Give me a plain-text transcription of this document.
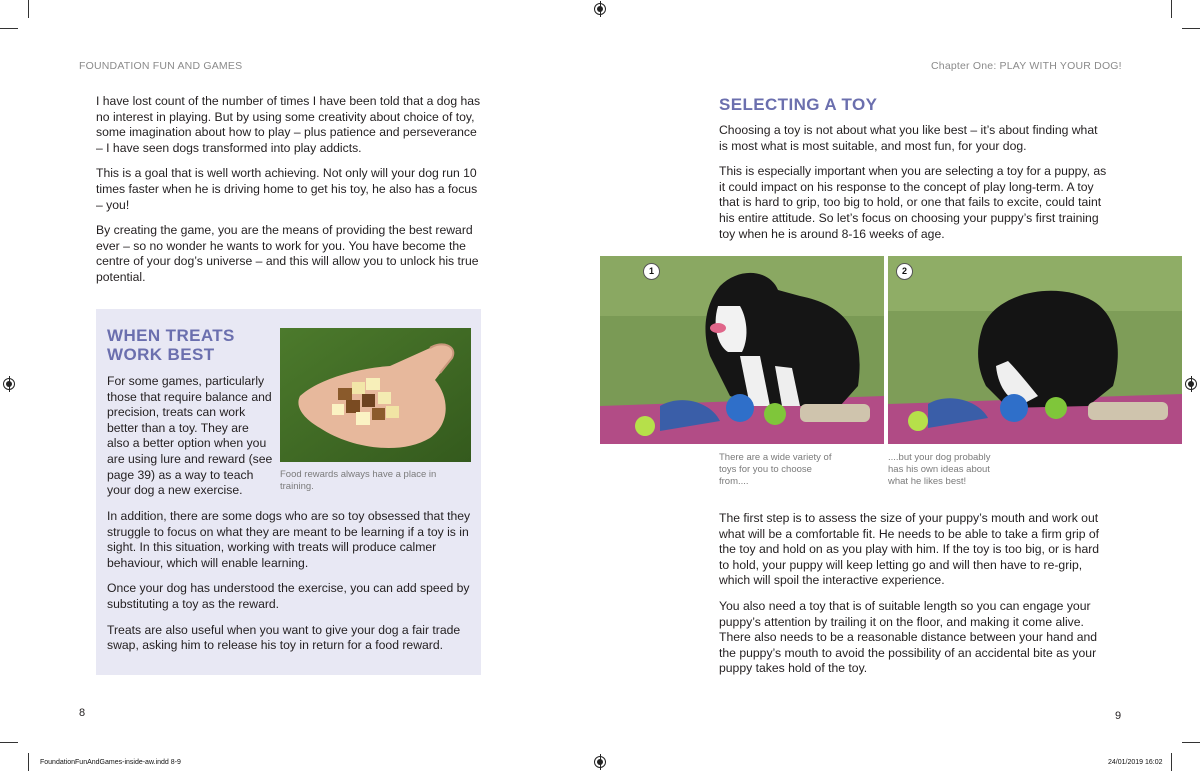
FOUNDATION FUN AND GAMES

I have lost count of the number of times I have been told that a dog has no interest in playing. But by using some creativity about choice of toy, some imagination about how to play – plus patience and perseverance – I have seen dogs transformed into play addicts.

This is a goal that is well worth achieving. Not only will your dog run 10 times faster when he is driving home to get his toy, he also has a focus – you!

By creating the game, you are the means of providing the best reward ever – so no wonder he wants to work for you. You have become the centre of your dog’s universe – and this will allow you to unlock his true potential.

WHEN TREATS
WORK BEST

For some games, particularly those that require balance and precision, treats can work better than a toy. They are also a better option when you are using lure and reward (see page 39) as a way to teach your dog a new exercise.

Food rewards always have a place in training.

In addition, there are some dogs who are so toy obsessed that they struggle to focus on what they are meant to be learning if a toy is in sight. In this situation, working with treats will produce calmer behaviour, which will enable learning.

Once your dog has understood the exercise, you can add speed by substituting a toy as the reward.

Treats are also useful when you want to give your dog a fair trade swap, asking him to release his toy in return for a food reward.

8
Chapter One: PLAY WITH YOUR DOG!
SELECTING A TOY

Choosing a toy is not about what you like best – it’s about finding what is most what is most suitable, and most fun, for your dog.

This is especially important when you are selecting a toy for a puppy, as it could impact on his response to the concept of play long-term. A toy that is hard to grip, too big to hold, or one that fails to excite, could taint his entire attitude. So let’s focus on choosing your puppy’s first training toy when he is around 8-16 weeks of age.

1	2
There are a wide variety of toys for you to choose from....
....but your dog probably has his own ideas about what he likes best!

The first step is to assess the size of your puppy’s mouth and work out what will be a comfortable fit. He needs to be able to take a firm grip of the toy and hold on as you play with him. If the toy is too big, or is hard to hold, your puppy will keep letting go and will then have to re-grip, which will spoil the interactive experience.

You also need a toy that is of suitable length so you can engage your puppy’s attention by trailing it on the floor, and making it come alive. There also needs to be a reasonable distance between your hand and the puppy’s mouth to avoid the possibility of an accidental bite as your puppy takes hold of the toy.

9
FoundationFunAndGames-inside-aw.indd 8-9	24/01/2019 16:02
